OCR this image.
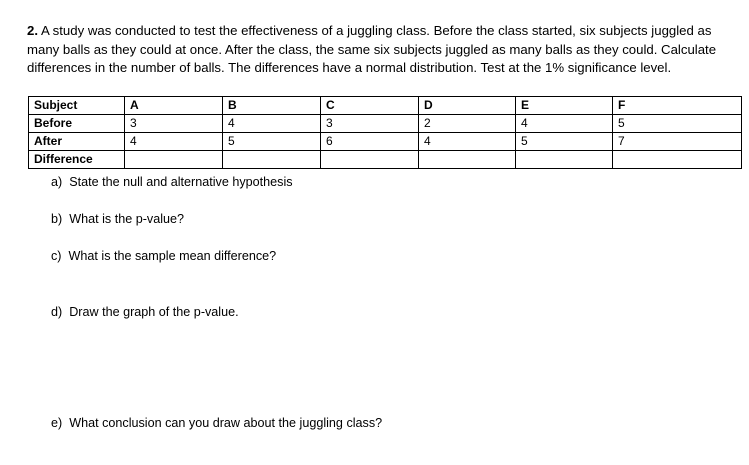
2. A study was conducted to test the effectiveness of a juggling class. Before the class started, six subjects juggled as many balls as they could at once. After the class, the same six subjects juggled as many balls as they could. Calculate differences in the number of balls. The differences have a normal distribution. Test at the 1% significance level.
Subject	A	B	C	D	E	F
Before	3	4	3	2	4	5
After	4	5	6	4	5	7
Difference						
a) State the null and alternative hypothesis
b) What is the p-value?
c) What is the sample mean difference?
d) Draw the graph of the p-value.
e) What conclusion can you draw about the juggling class?
